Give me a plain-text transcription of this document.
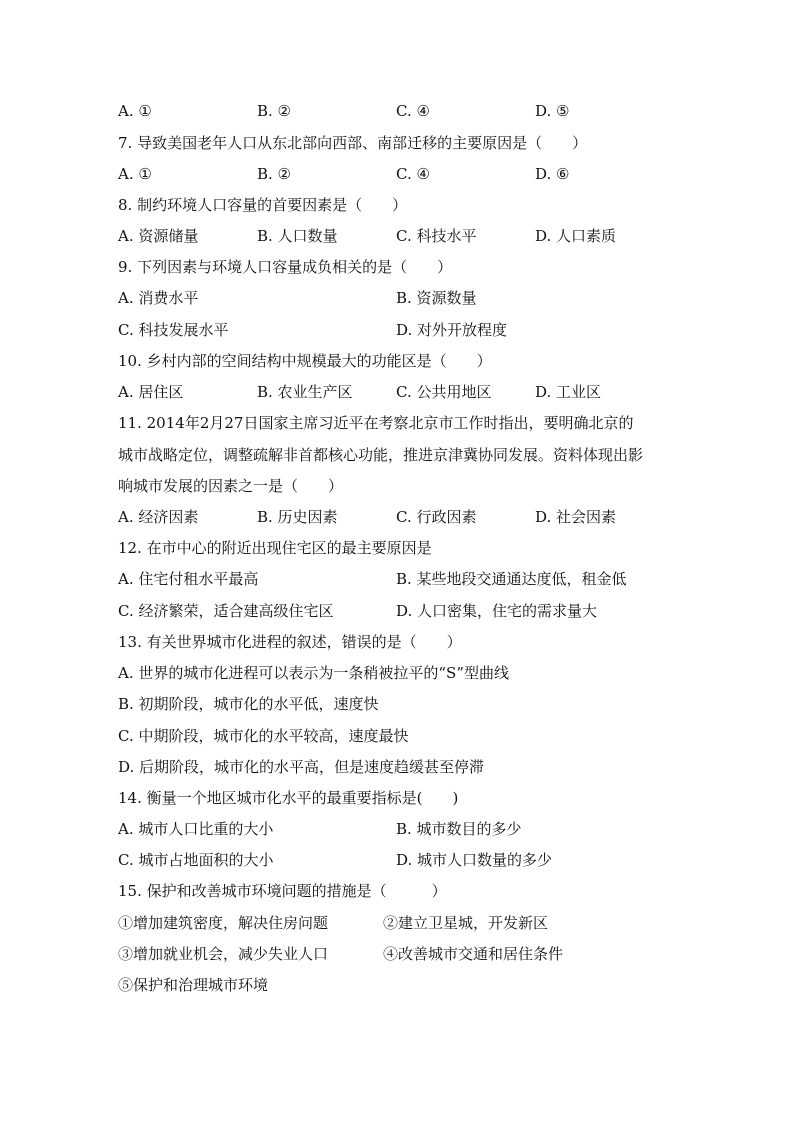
A. ①	B. ②	C. ④	D. ⑤
7. 导致美国老年人口从东北部向西部、南部迁移的主要原因是（　　）
A. ①	B. ②	C. ④	D. ⑥
8. 制约环境人口容量的首要因素是（　　）
A. 资源储量	B. 人口数量	C. 科技水平	D. 人口素质
9. 下列因素与环境人口容量成负相关的是（　　）
A. 消费水平	B. 资源数量
C. 科技发展水平	D. 对外开放程度
10. 乡村内部的空间结构中规模最大的功能区是（　　）
A. 居住区	B. 农业生产区	C. 公共用地区	D. 工业区
11. 2014年2月27日国家主席习近平在考察北京市工作时指出，要明确北京的
城市战略定位，调整疏解非首都核心功能，推进京津冀协同发展。资料体现出影
响城市发展的因素之一是（　　）
A. 经济因素	B. 历史因素	C. 行政因素	D. 社会因素
12. 在市中心的附近出现住宅区的最主要原因是
A. 住宅付租水平最高	B. 某些地段交通通达度低，租金低
C. 经济繁荣，适合建高级住宅区	D. 人口密集，住宅的需求量大
13. 有关世界城市化进程的叙述，错误的是（　　）
A. 世界的城市化进程可以表示为一条稍被拉平的“S”型曲线
B. 初期阶段，城市化的水平低，速度快
C. 中期阶段，城市化的水平较高，速度最快
D. 后期阶段，城市化的水平高，但是速度趋缓甚至停滞
14. 衡量一个地区城市化水平的最重要指标是(　　)
A. 城市人口比重的大小	B. 城市数目的多少
C. 城市占地面积的大小	D. 城市人口数量的多少
15. 保护和改善城市环境问题的措施是（　　　）
①增加建筑密度，解决住房问题	②建立卫星城，开发新区
③增加就业机会，减少失业人口	④改善城市交通和居住条件
⑤保护和治理城市环境
